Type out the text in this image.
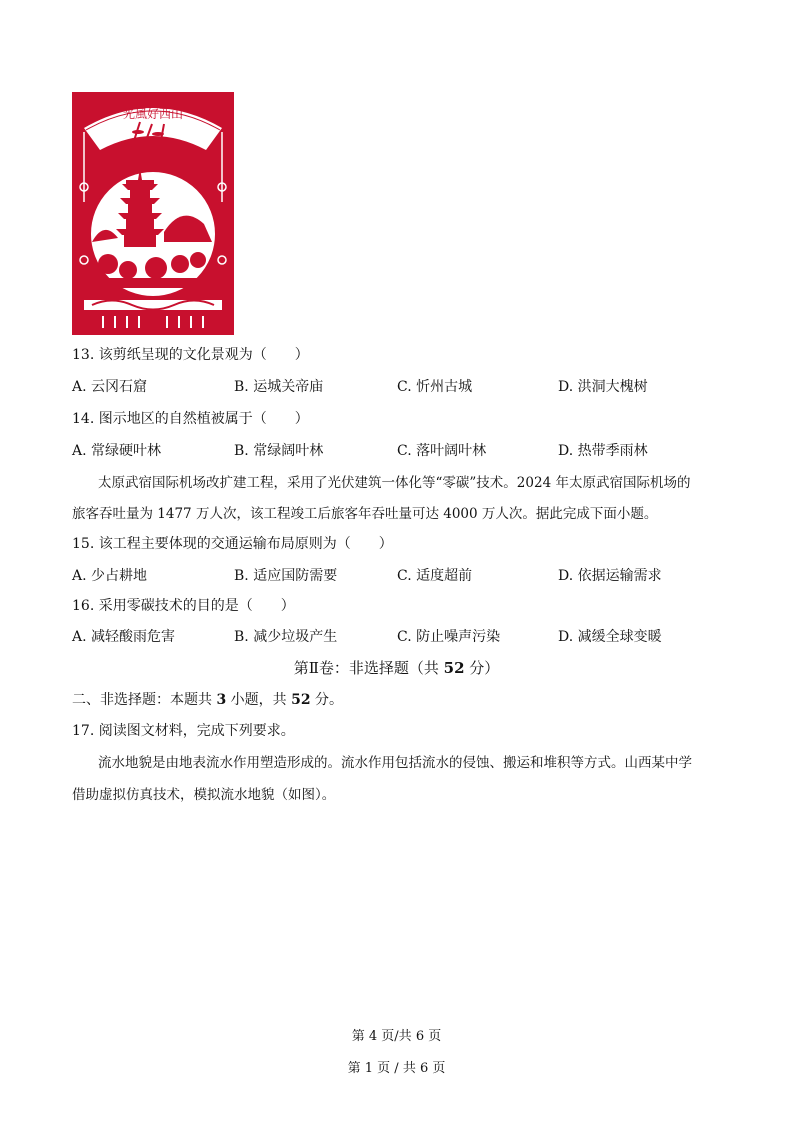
光風好西山
13. 该剪纸呈现的文化景观为（　　）
A. 云冈石窟	B. 运城关帝庙	C. 忻州古城	D. 洪洞大槐树
14. 图示地区的自然植被属于（　　）
A. 常绿硬叶林	B. 常绿阔叶林	C. 落叶阔叶林	D. 热带季雨林
太原武宿国际机场改扩建工程，采用了光伏建筑一体化等“零碳”技术。2024 年太原武宿国际机场的
旅客吞吐量为 1477 万人次，该工程竣工后旅客年吞吐量可达 4000 万人次。据此完成下面小题。
15. 该工程主要体现的交通运输布局原则为（　　）
A. 少占耕地	B. 适应国防需要	C. 适度超前	D. 依据运输需求
16. 采用零碳技术的目的是（　　）
A. 减轻酸雨危害	B. 减少垃圾产生	C. 防止噪声污染	D. 减缓全球变暖
第Ⅱ卷：非选择题（共 52 分）
二、非选择题：本题共 3 小题，共 52 分。
17. 阅读图文材料，完成下列要求。
流水地貌是由地表流水作用塑造形成的。流水作用包括流水的侵蚀、搬运和堆积等方式。山西某中学
借助虚拟仿真技术，模拟流水地貌（如图）。
第 4 页/共 6 页
第 1 页 / 共 6 页
